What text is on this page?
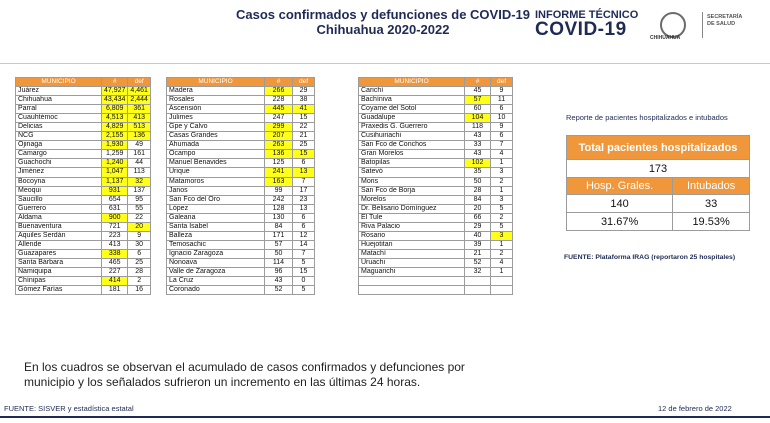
Casos confirmados y defunciones de COVID-19
Chihuahua 2020-2022
INFORME TÉCNICO
COVID-19	CHIHUAHUA
SECRETARÍA
DE SALUD
MUNICIPIO	#	def
Juárez	47,927	4,461
Chihuahua	43,434	2,444
Parral	6,809	361
Cuauhtémoc	4,513	413
Delicias	4,829	513
NCG	2,155	136
Ojinaga	1,930	49
Camargo	1,259	161
Guachochi	1,240	44
Jiménez	1,047	113
Bocoyna	1,137	32
Meoqui	931	137
Saucillo	654	95
Guerrero	631	55
Aldama	900	22
Buenaventura	721	20
Aquiles Serdán	223	9
Allende	413	30
Guazapares	338	6
Santa Bárbara	465	25
Namiquipa	227	28
Chínipas	414	2
Gómez Farías	181	16
MUNICIPIO	#	def
Madera	266	29
Rosales	228	38
Ascensión	445	41
Julimes	247	15
Gpe y Calvo	299	22
Casas Grandes	207	21
Ahumada	263	25
Ocampo	136	15
Manuel Benavides	125	6
Urique	241	13
Matamoros	163	7
Janos	99	17
San Fco del Oro	242	23
López	128	13
Galeana	130	6
Santa Isabel	84	6
Balleza	171	12
Temosachic	57	14
Ignacio Zaragoza	50	7
Nonoava	114	5
Valle de Zaragoza	96	15
La Cruz	43	0
Coronado	52	5
MUNICIPIO	#	def
Carichí	45	9
Bachíniva	57	11
Coyame del Sotol	60	6
Guadalupe	104	10
Praxedis G. Guerrero	118	9
Cusihuiriachi	43	6
San Fco de Conchos	33	7
Gran Morelos	43	4
Batopilas	102	1
Satevó	35	3
Moris	50	2
San Fco de Borja	28	1
Morelos	84	3
Dr. Belisario Domínguez	20	5
El Tule	66	2
Riva Palacio	29	5
Rosario	40	3
Huejotitan	39	1
Matachí	21	2
Uruachi	52	4
Maguarichi	32	1

Reporte de pacientes hospitalizados e intubados
Total pacientes hospitalizados	
173	
Hosp. Grales.	Intubados
140	33
31.67%	19.53%
FUENTE: Plataforma IRAG (reportaron 25 hospitales)
En los cuadros se observan el acumulado de casos confirmados y defunciones por municipio y los señalados sufrieron un incremento en las últimas 24 horas.
FUENTE: SISVER y estadística estatal	12 de febrero de 2022
